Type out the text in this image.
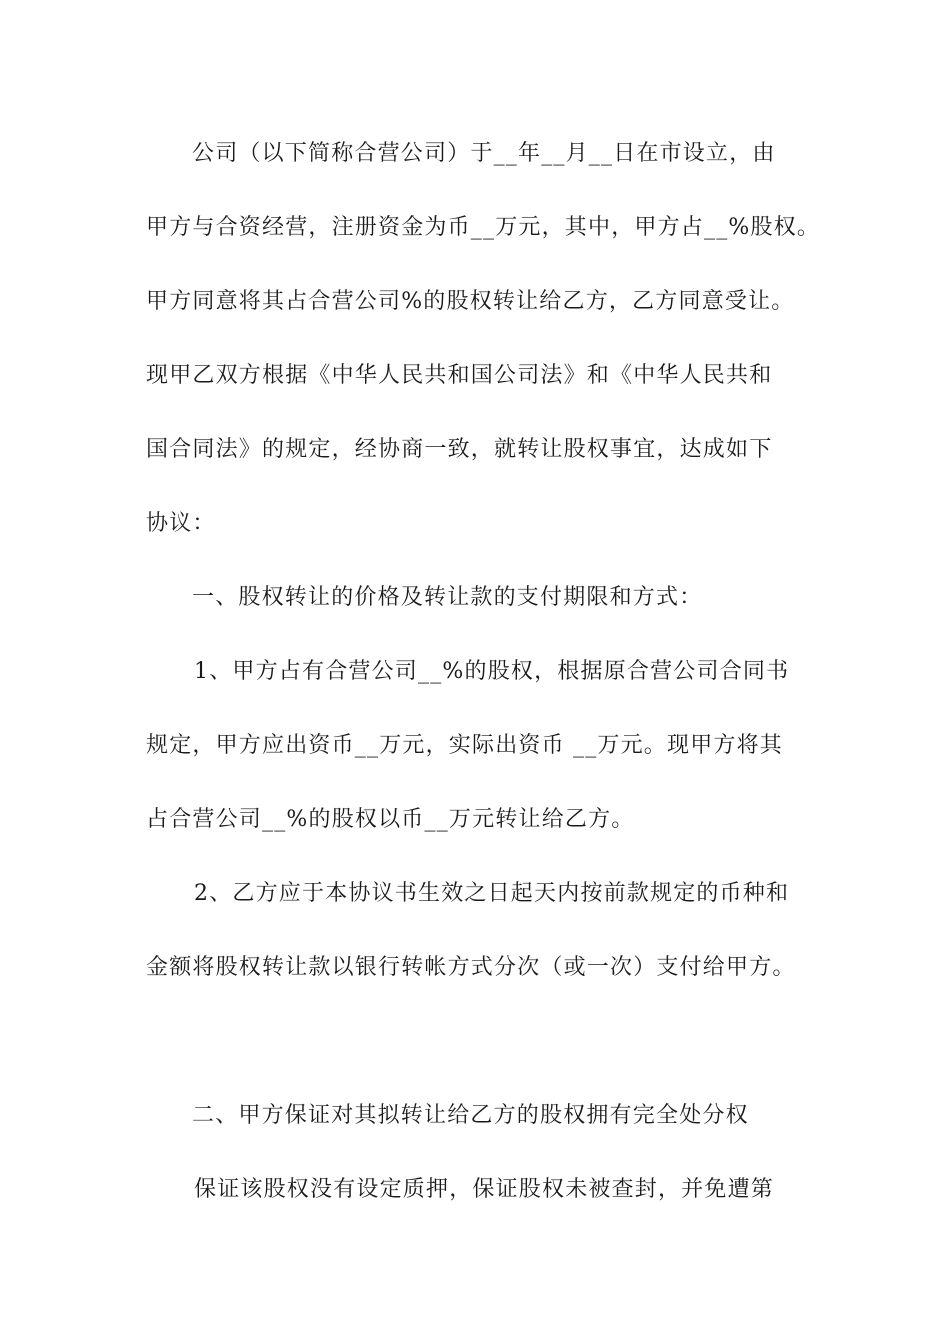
公司（以下简称合营公司）于__年__月__日在市设立，由
甲方与合资经营，注册资金为币__万元，其中，甲方占__%股权。
甲方同意将其占合营公司%的股权转让给乙方，乙方同意受让。
现甲乙双方根据《中华人民共和国公司法》和《中华人民共和
国合同法》的规定，经协商一致，就转让股权事宜，达成如下
协议：
一、股权转让的价格及转让款的支付期限和方式：
1、甲方占有合营公司__%的股权，根据原合营公司合同书
规定，甲方应出资币__万元，实际出资币 __万元。现甲方将其
占合营公司__%的股权以币__万元转让给乙方。
2、乙方应于本协议书生效之日起天内按前款规定的币种和
金额将股权转让款以银行转帐方式分次（或一次）支付给甲方。
二、甲方保证对其拟转让给乙方的股权拥有完全处分权
保证该股权没有设定质押，保证股权未被查封，并免遭第
